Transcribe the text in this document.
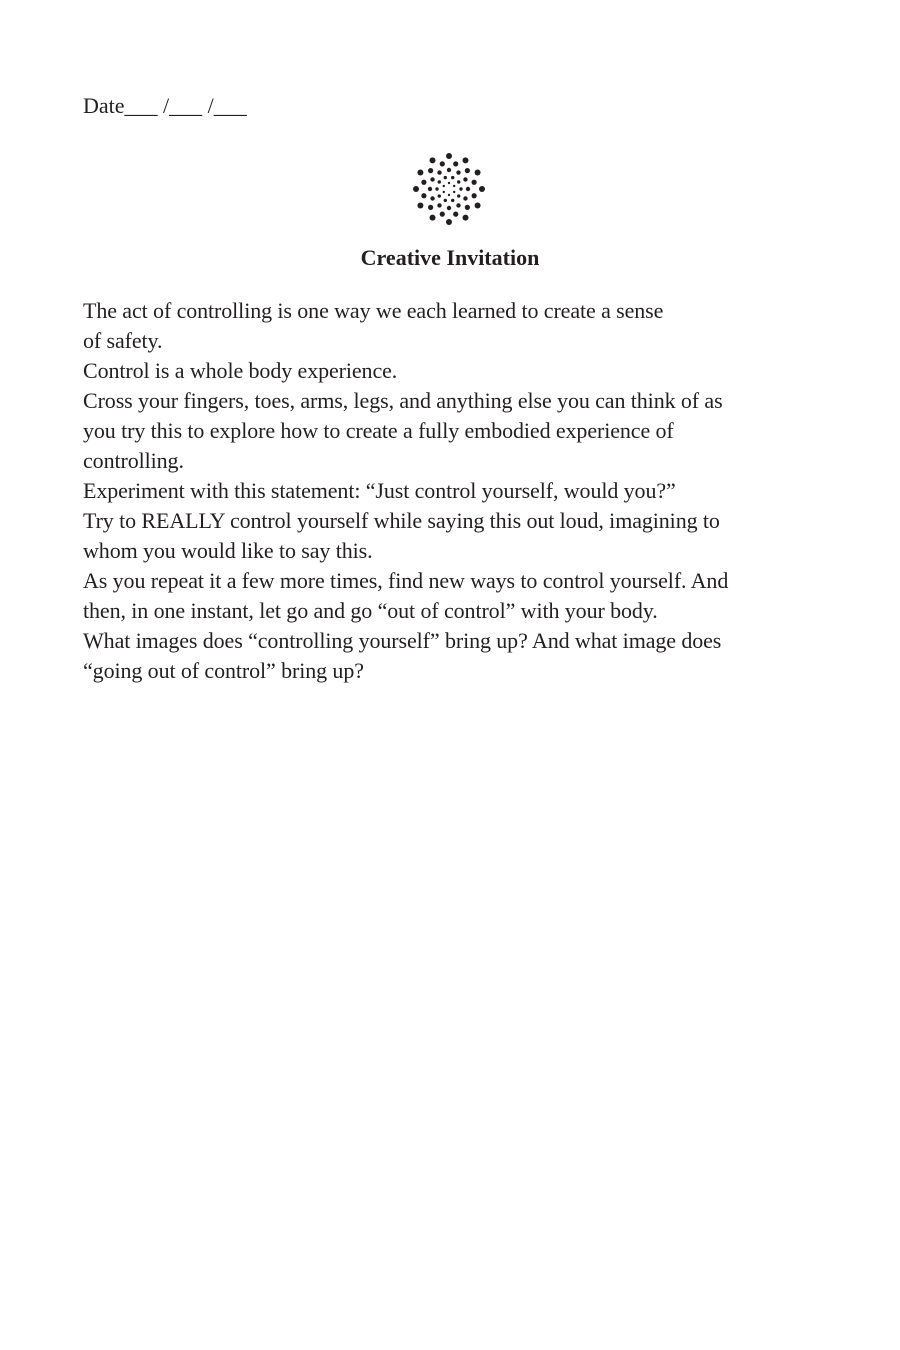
Date___ /___ /___
Creative Invitation

The act of controlling is one way we each learned to create a sense
of safety.

Control is a whole body experience.

Cross your fingers, toes, arms, legs, and anything else you can think of as
you try this to explore how to create a fully embodied experience of
controlling.

Experiment with this statement: “Just control yourself, would you?”

Try to REALLY control yourself while saying this out loud, imagining to
whom you would like to say this.

As you repeat it a few more times, find new ways to control yourself. And
then, in one instant, let go and go “out of control” with your body.

What images does “controlling yourself” bring up? And what image does
“going out of control” bring up?
